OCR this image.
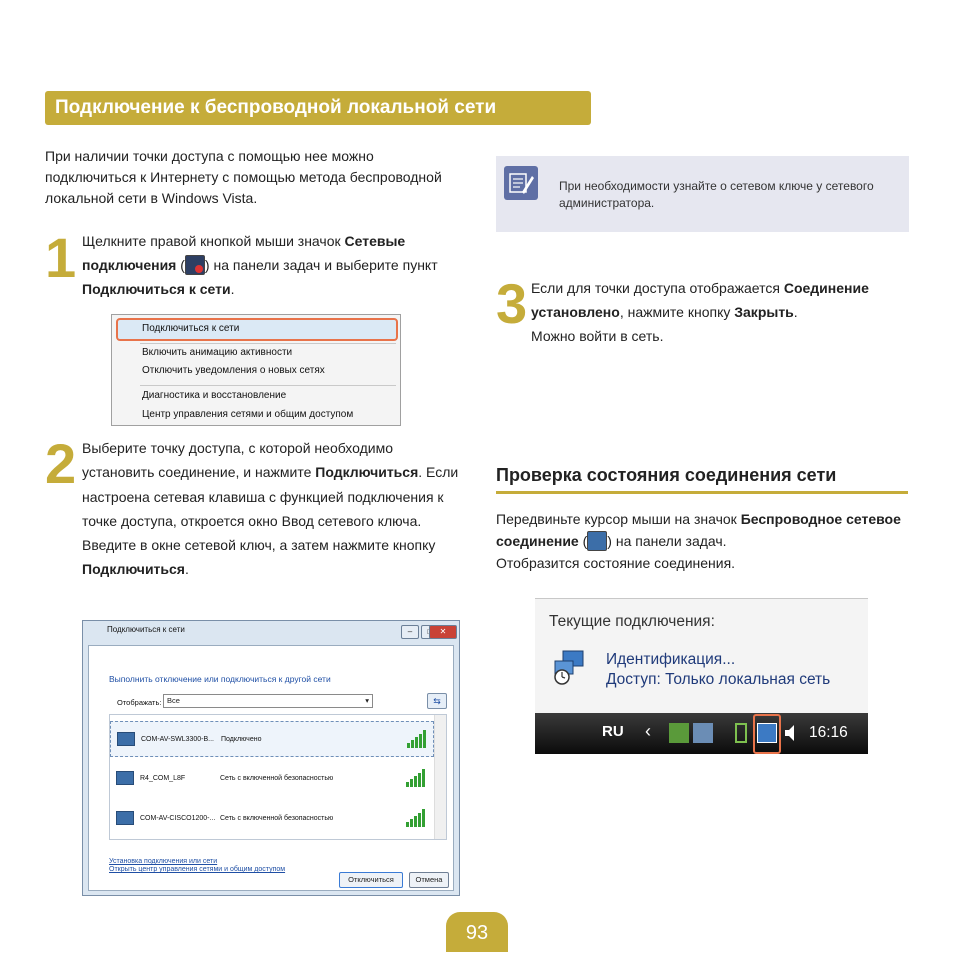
Подключение к беспроводной локальной сети
При наличии точки доступа с помощью нее можно подключиться к Интернету с помощью метода беспроводной локальной сети в Windows Vista.
При необходимости узнайте о сетевом ключе у сетевого администратора.
1 Щелкните правой кнопкой мыши значок Сетевые подключения ( ) на панели задач и выберите пункт Подключиться к сети.
Подключиться к сети
Включить анимацию активности
Отключить уведомления о новых сетях
Диагностика и восстановление
Центр управления сетями и общим доступом
2 Выберите точку доступа, с которой необходимо установить соединение, и нажмите Подключиться. Если настроена сетевая клавиша с функцией подключения к точке доступа, откроется окно Ввод сетевого ключа. Введите в окне сетевой ключ, а затем нажмите кнопку Подключиться.
Подключиться к сети	–	✕
Выполнить отключение или подключиться к другой сети
Отображать: Все	▾	⇆
COM-AV-SWL3300-B... Подключено
R4_COM_L8F	Сеть с включенной безопасностью
COM-AV-CISCO1200-... Сеть с включенной безопасностью
Установка подключения или сети
Открыть центр управления сетями и общим доступом
Отключиться	Отмена
3 Если для точки доступа отображается Соединение установлено, нажмите кнопку Закрыть.
Можно войти в сеть.
Проверка состояния соединения сети
Передвиньте курсор мыши на значок Беспроводное сетевое соединение ( ) на панели задач.
Отобразится состояние соединения.
Текущие подключения:
Идентификация...
Доступ: Только локальная сеть
RU ‹	16:16
93
